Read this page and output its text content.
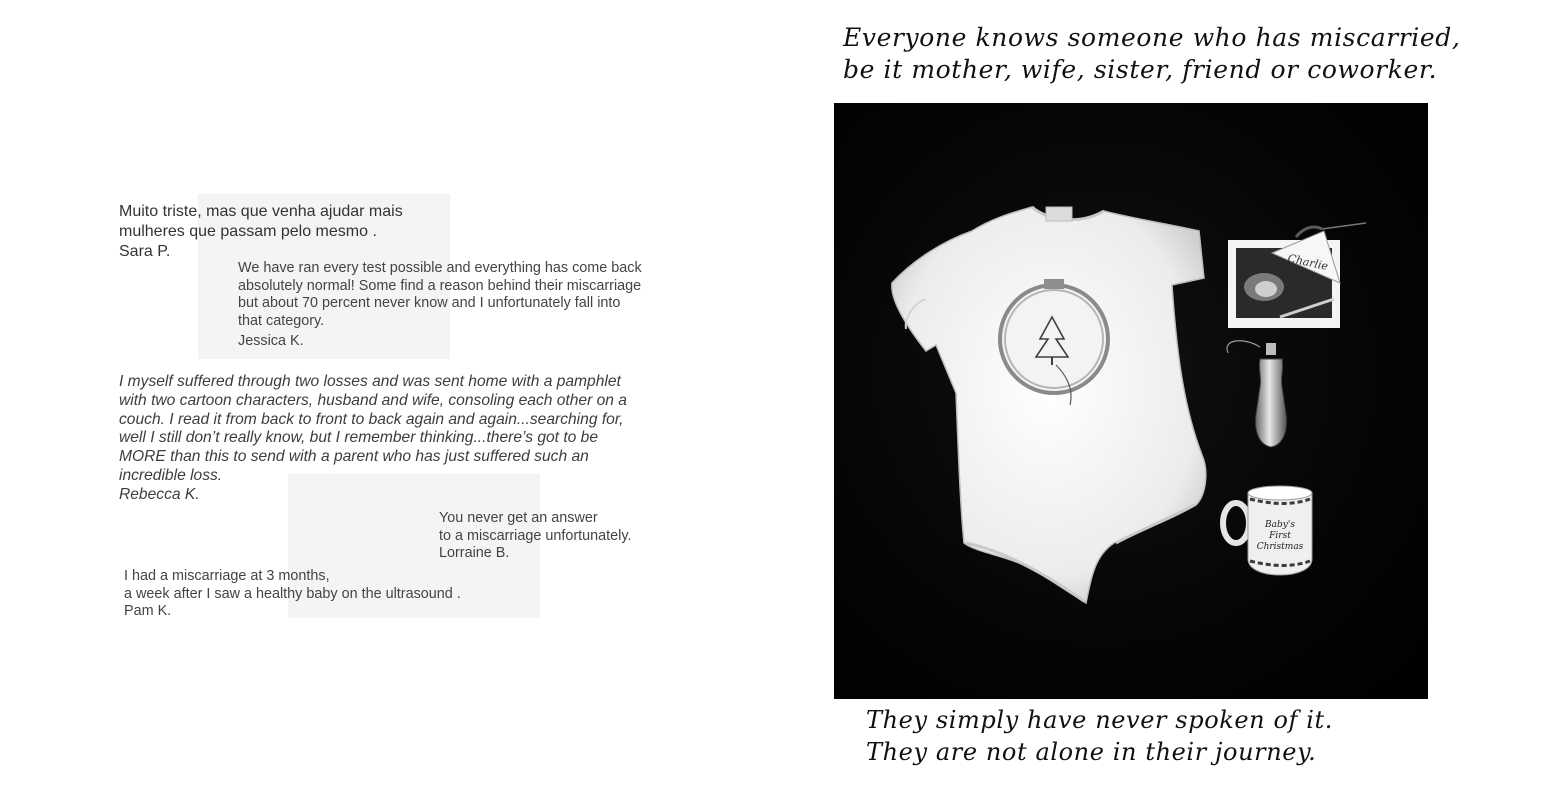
Muito triste, mas que venha ajudar mais

mulheres que passam pelo mesmo .

Sara P.

We have ran every test possible and everything has come back

absolutely normal! Some find a reason behind their miscarriage

but about 70 percent never know and I unfortunately fall into

that category.

Jessica K.

I myself suffered through two losses and was sent home with a pamphlet

with two cartoon characters, husband and wife, consoling each other on a

couch. I read it from back to front to back again and again...searching for,

well I still don’t really know, but I remember thinking...there’s got to be

MORE than this to send with a parent who has just suffered such an

incredible loss.

Rebecca K.

You never get an answer

to a miscarriage unfortunately.

Lorraine B.

I had a miscarriage at 3 months,

a week after I saw a healthy baby on the ultrasound .

Pam K.

Everyone knows someone who has miscarried,

be it mother, wife, sister, friend or coworker.

Charlie
Baby's
First
Christmas

They simply have never spoken of it.

They are not alone in their journey.
